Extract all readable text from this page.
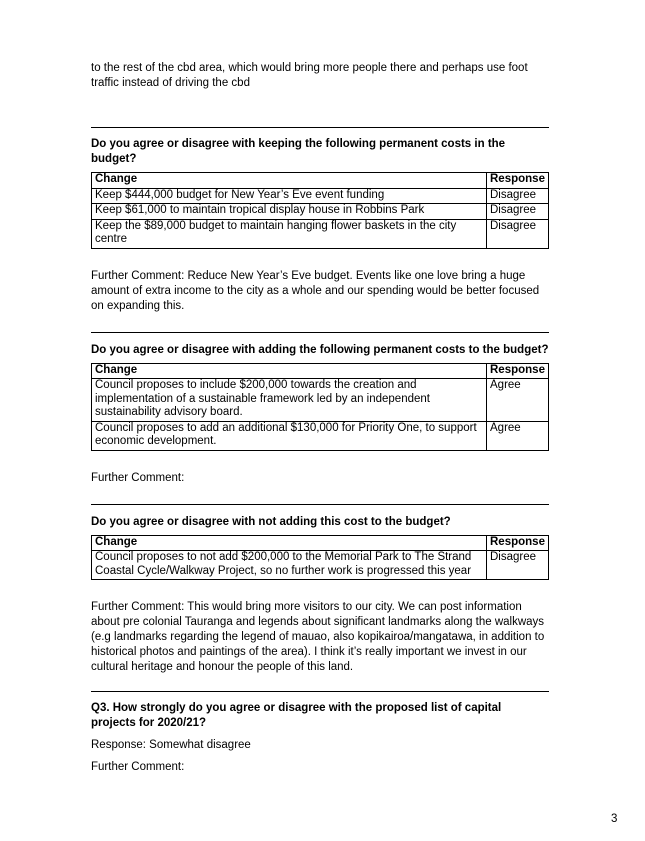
to the rest of the cbd area, which would bring more people there and perhaps use foot traffic instead of driving the cbd

Do you agree or disagree with keeping the following permanent costs in the budget?

Change	Response
Keep $444,000 budget for New Year’s Eve event funding	Disagree
Keep $61,000 to maintain tropical display house in Robbins Park	Disagree
Keep the $89,000 budget to maintain hanging flower baskets in the city centre	Disagree

Further Comment: Reduce New Year’s Eve budget. Events like one love bring a huge amount of extra income to the city as a whole and our spending would be better focused on expanding this.

Do you agree or disagree with adding the following permanent costs to the budget?

Change	Response
Council proposes to include $200,000 towards the creation and implementation of a sustainable framework led by an independent sustainability advisory board.	Agree
Council proposes to add an additional $130,000 for Priority One, to support economic development.	Agree

Further Comment:

Do you agree or disagree with not adding this cost to the budget?

Change	Response
Council proposes to not add $200,000 to the Memorial Park to The Strand Coastal Cycle/Walkway Project, so no further work is progressed this year	Disagree

Further Comment: This would bring more visitors to our city. We can post information about pre colonial Tauranga and legends about significant landmarks along the walkways (e.g landmarks regarding the legend of mauao, also kopikairoa/mangatawa, in addition to historical photos and paintings of the area). I think it’s really important we invest in our cultural heritage and honour the people of this land.

Q3. How strongly do you agree or disagree with the proposed list of capital projects for 2020/21?

Response: Somewhat disagree

Further Comment:

3
